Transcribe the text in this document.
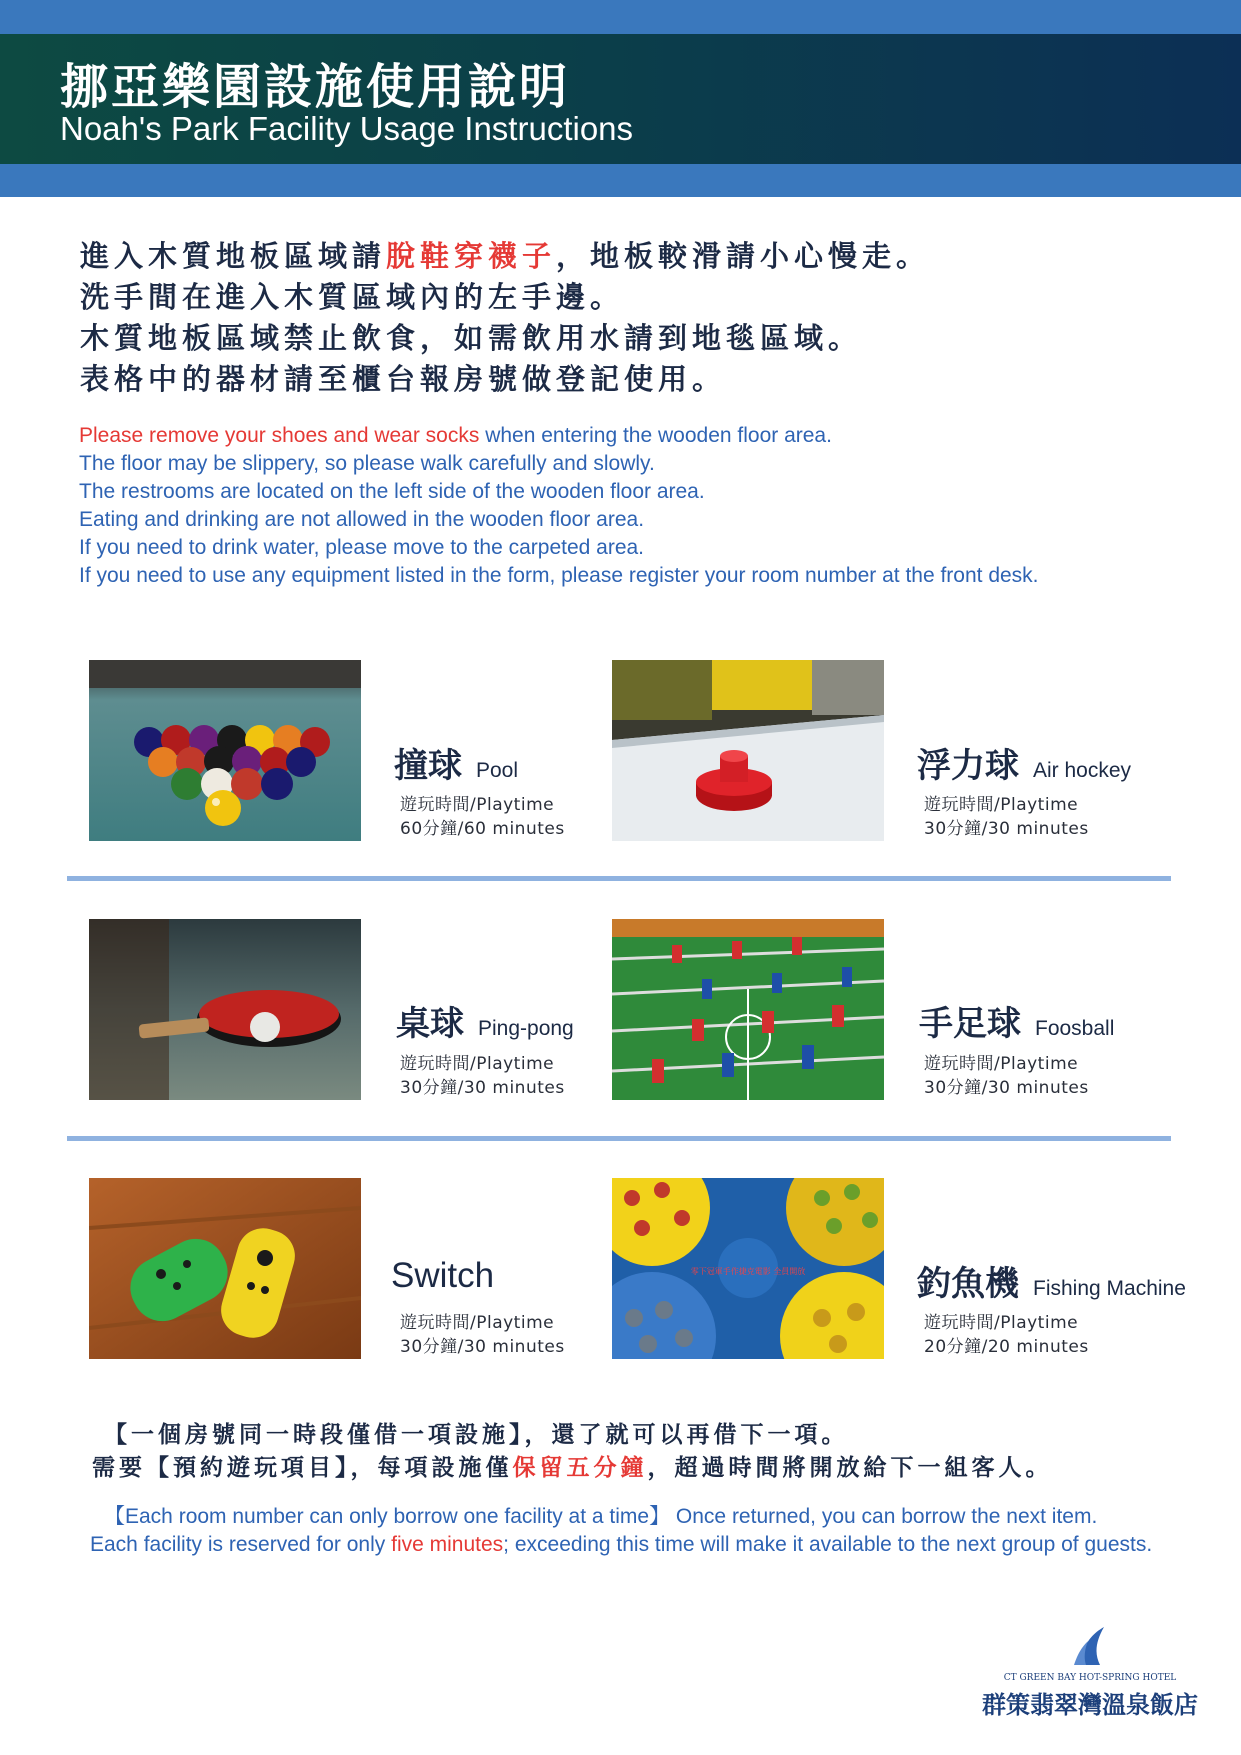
挪亞樂園設施使用說明
Noah's Park Facility Usage Instructions
進入木質地板區域請脫鞋穿襪子，地板較滑請小心慢走。
洗手間在進入木質區域內的左手邊。
木質地板區域禁止飲食，如需飲用水請到地毯區域。
表格中的器材請至櫃台報房號做登記使用。
Please remove your shoes and wear socks when entering the wooden floor area.
The floor may be slippery, so please walk carefully and slowly.
The restrooms are located on the left side of the wooden floor area.
Eating and drinking are not allowed in the wooden floor area.
If you need to drink water, please move to the carpeted area.
If you need to use any equipment listed in the form, please register your room number at the front desk.
撞球 Pool
遊玩時間/Playtime
60分鐘/60 minutes
浮力球 Air hockey
遊玩時間/Playtime
30分鐘/30 minutes
桌球 Ping-pong
遊玩時間/Playtime
30分鐘/30 minutes
手足球 Foosball
遊玩時間/Playtime
30分鐘/30 minutes
Switch
遊玩時間/Playtime
30分鐘/30 minutes
零下冠軍手作捷克電影 全員開放	釣魚機 Fishing Machine
遊玩時間/Playtime
20分鐘/20 minutes
【一個房號同一時段僅借一項設施】，還了就可以再借下一項。
需要【預約遊玩項目】，每項設施僅保留五分鐘，超過時間將開放給下一組客人。
【Each room number can only borrow one facility at a time】 Once returned, you can borrow the next item.
Each facility is reserved for only five minutes; exceeding this time will make it available to the next group of guests.
CT GREEN BAY HOT-SPRING HOTEL
群策翡翠灣溫泉飯店
